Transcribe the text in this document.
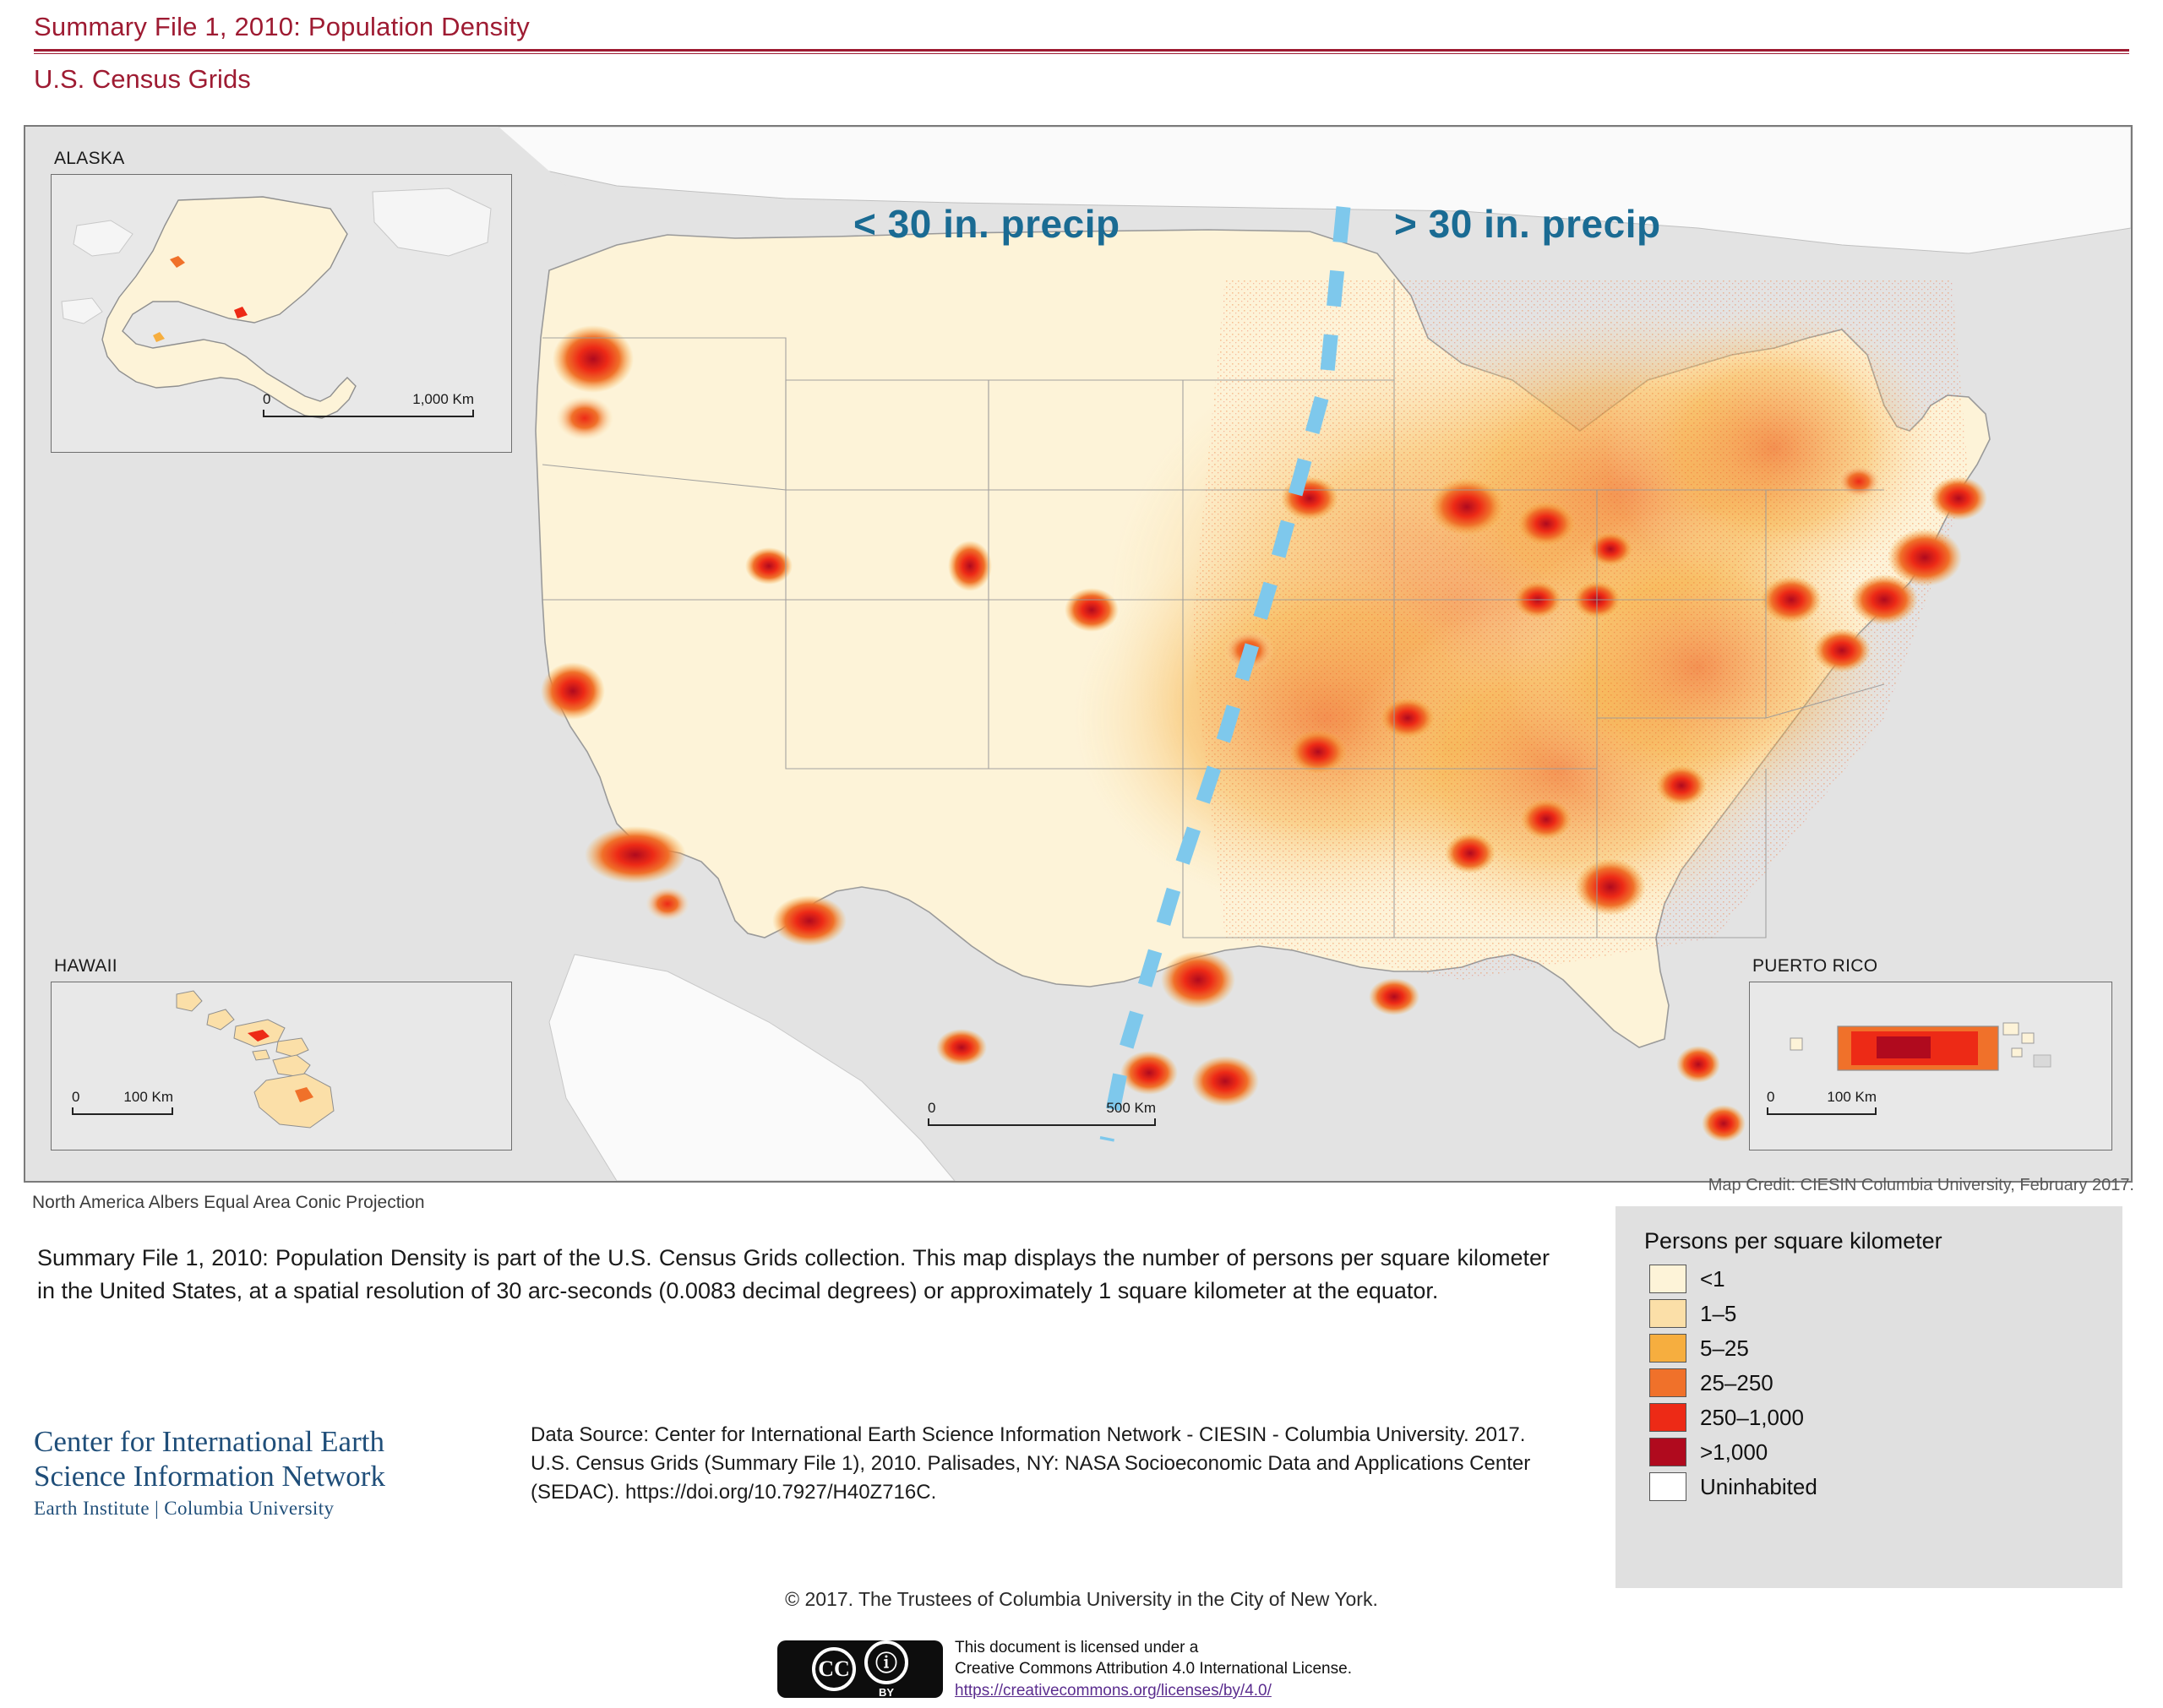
Summary File 1, 2010: Population Density
U.S. Census Grids
< 30 in. precip	> 30 in. precip
ALASKA
0	1,000 Km
HAWAII
0	100 Km
PUERTO RICO
0	100 Km
0	500 Km
North America Albers Equal Area Conic Projection
Map Credit: CIESIN Columbia University, February 2017.
Summary File 1, 2010: Population Density is part of the U.S. Census Grids collection. This map displays the number of persons per square kilometer in the United States, at a spatial resolution of 30 arc-seconds (0.0083 decimal degrees) or approximately 1 square kilometer at the equator.
Center for International Earth
Science Information Network
Earth Institute | Columbia University
Data Source: Center for International Earth Science Information Network - CIESIN - Columbia University. 2017. U.S. Census Grids (Summary File 1), 2010. Palisades, NY: NASA Socioeconomic Data and Applications Center (SEDAC). https://doi.org/10.7927/H40Z716C.
© 2017. The Trustees of Columbia University in the City of New York.
CC	ⓘ
BY
This document is licensed under a
Creative Commons Attribution 4.0 International License.
https://creativecommons.org/licenses/by/4.0/
Persons per square kilometer
<1
1–5
5–25
25–250
250–1,000
>1,000
Uninhabited
